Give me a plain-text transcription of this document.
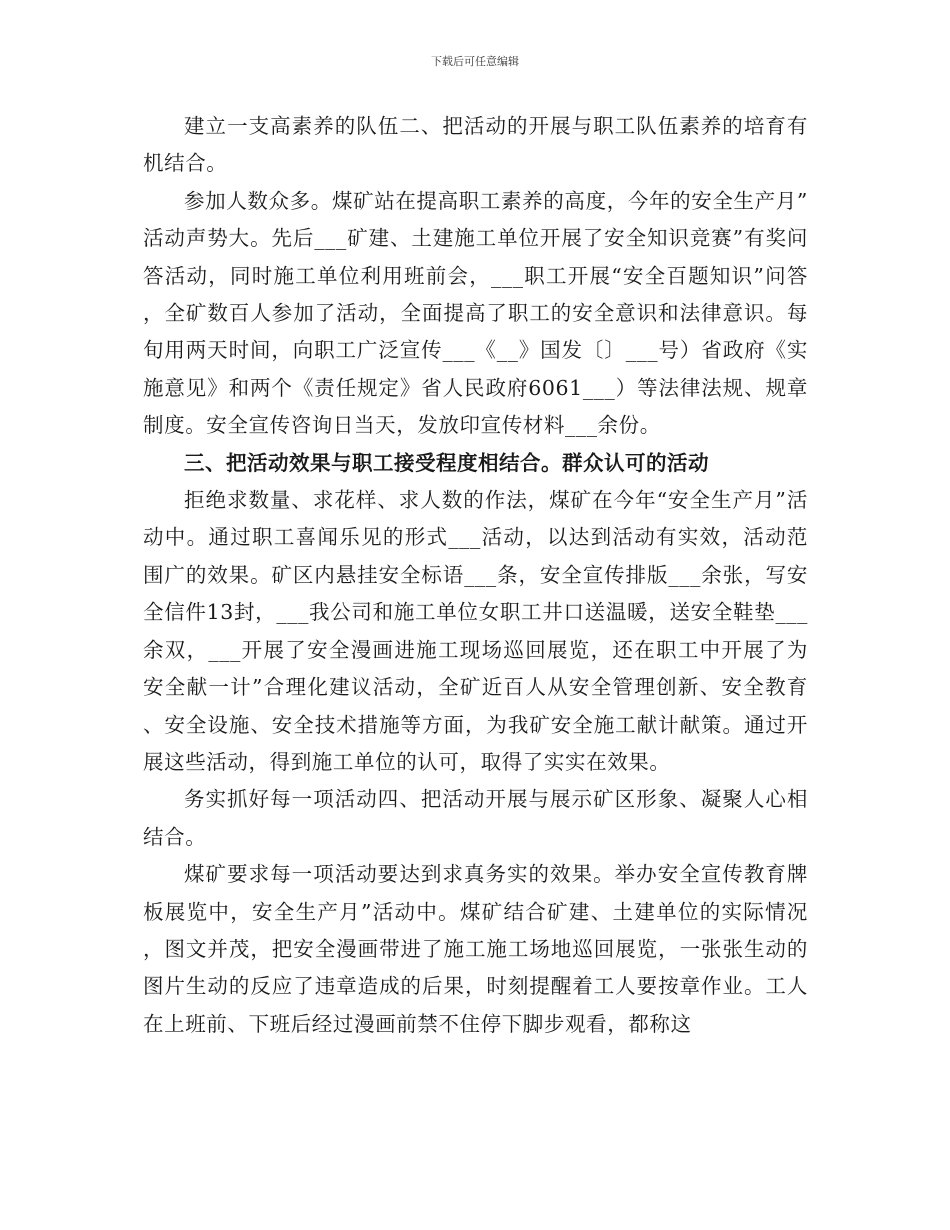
下载后可任意编辑

建立一支高素养的队伍二、把活动的开展与职工队伍素养的培育有机结合。

参加人数众多。煤矿站在提高职工素养的高度，今年的安全生产月”活动声势大。先后___矿建、土建施工单位开展了安全知识竞赛”有奖问答活动，同时施工单位利用班前会，___职工开展“安全百题知识”问答，全矿数百人参加了活动，全面提高了职工的安全意识和法律意识。每旬用两天时间，向职工广泛宣传___《__》国发〔〕___号）省政府《实施意见》和两个《责任规定》省人民政府6061___）等法律法规、规章制度。安全宣传咨询日当天，发放印宣传材料___余份。

三、把活动效果与职工接受程度相结合。群众认可的活动

拒绝求数量、求花样、求人数的作法，煤矿在今年“安全生产月”活动中。通过职工喜闻乐见的形式___活动，以达到活动有实效，活动范围广的效果。矿区内悬挂安全标语___条，安全宣传排版___余张，写安全信件13封，___我公司和施工单位女职工井口送温暖，送安全鞋垫___余双，___开展了安全漫画进施工现场巡回展览，还在职工中开展了为安全献一计”合理化建议活动，全矿近百人从安全管理创新、安全教育、安全设施、安全技术措施等方面，为我矿安全施工献计献策。通过开展这些活动，得到施工单位的认可，取得了实实在效果。

务实抓好每一项活动四、把活动开展与展示矿区形象、凝聚人心相结合。

煤矿要求每一项活动要达到求真务实的效果。举办安全宣传教育牌板展览中，安全生产月”活动中。煤矿结合矿建、土建单位的实际情况，图文并茂，把安全漫画带进了施工施工场地巡回展览，一张张生动的图片生动的反应了违章造成的后果，时刻提醒着工人要按章作业。工人在上班前、下班后经过漫画前禁不住停下脚步观看，都称这
